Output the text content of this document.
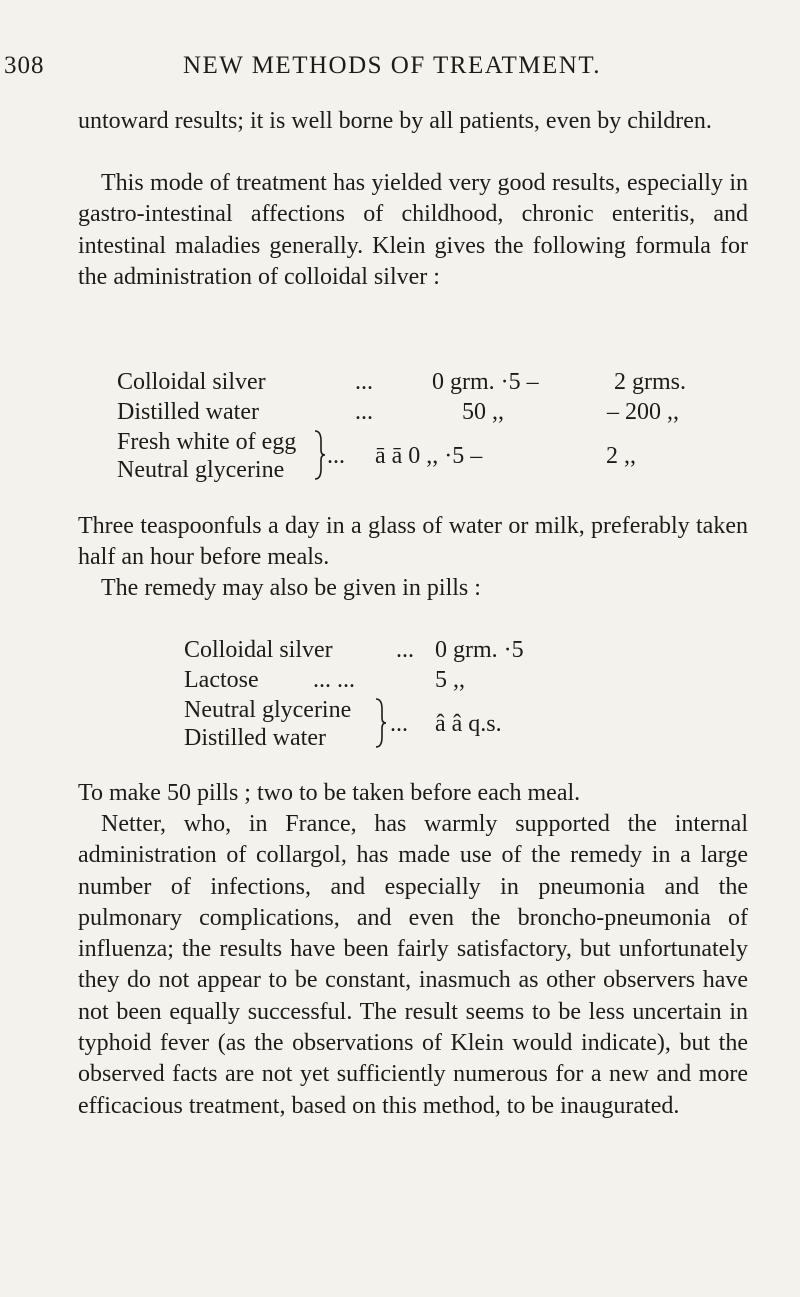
308	NEW METHODS OF TREATMENT.

untoward results; it is well borne by all patients, even by children.

This mode of treatment has yielded very good results, especially in gastro-intestinal affections of childhood, chronic enteritis, and intestinal maladies generally. Klein gives the following formula for the administration of colloidal silver :

Colloidal silver	... 0 grm. ·5 –	2 grms.
Distilled water	...	50 ,,	– 200 ,,
Fresh white of egg
Neutral glycerine
... ā ā 0 ,, ·5 –	2 ,,

Three teaspoonfuls a day in a glass of water or milk, preferably taken half an hour before meals.

The remedy may also be given in pills :

Colloidal silver	... 0 grm. ·5
Lactose ... ...	5 ,,
Neutral glycerine
Distilled water
... â â q.s.

To make 50 pills ; two to be taken before each meal.

Netter, who, in France, has warmly supported the internal administration of collargol, has made use of the remedy in a large number of infections, and especially in pneumonia and the pulmonary complications, and even the broncho-pneumonia of influenza; the results have been fairly satisfactory, but unfortunately they do not appear to be constant, inasmuch as other observers have not been equally successful. The result seems to be less uncertain in typhoid fever (as the observations of Klein would indicate), but the observed facts are not yet sufficiently numerous for a new and more efficacious treatment, based on this method, to be inaugurated.
